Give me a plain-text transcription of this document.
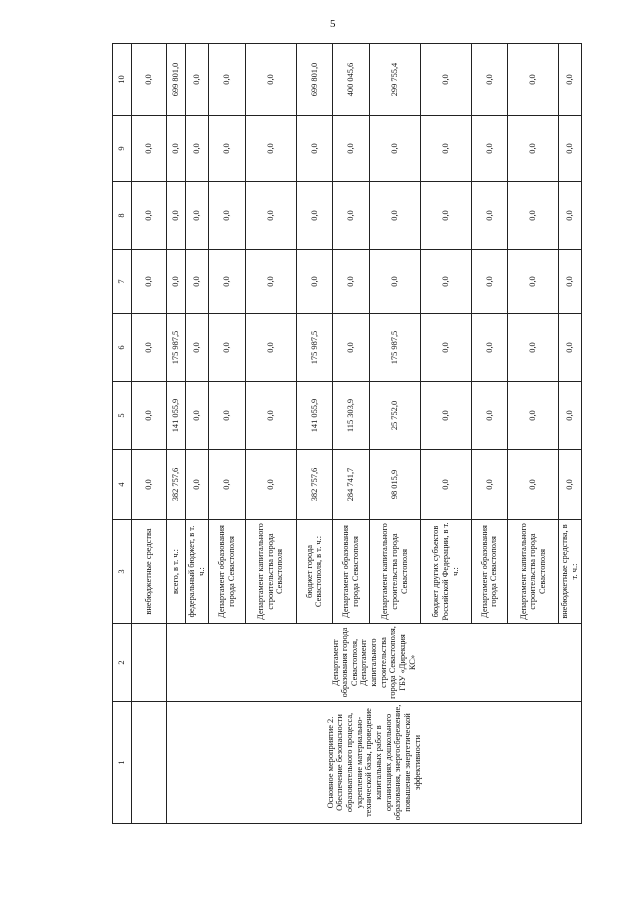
5
1	2	3	4	5	6	7	8	9	10
		внебюджетные средства	0,0	0,0	0,0	0,0	0,0	0,0	0,0
Основное мероприятие 2. Обеспечение безопасности образовательного процесса, укрепление материально-технической базы, проведение капитальных работ в организациях дошкольного образования, энергосбережение, повышение энергетической эффективности	Департамент образования города Севастополя, Департамент капитального строительства города Севастополя, ГБУ «Дирекция КС»	всего, в т. ч.:	382 757,6	141 055,9	175 987,5	0,0	0,0	0,0	699 801,0
		федеральный бюджет, в т. ч.:	0,0	0,0	0,0	0,0	0,0	0,0	0,0
		Департамент образования города Севастополя	0,0	0,0	0,0	0,0	0,0	0,0	0,0
		Департамент капитального строительства города Севастополя	0,0	0,0	0,0	0,0	0,0	0,0	0,0
		бюджет города Севастополя, в т. ч.:	382 757,6	141 055,9	175 987,5	0,0	0,0	0,0	699 801,0
		Департамент образования города Севастополя	284 741,7	115 303,9	0,0	0,0	0,0	0,0	400 045,6
		Департамент капитального строительства города Севастополя	98 015,9	25 752,0	175 987,5	0,0	0,0	0,0	299 755,4
		бюджет других субъектов Российской Федерации, в т. ч.:	0,0	0,0	0,0	0,0	0,0	0,0	0,0
		Департамент образования города Севастополя	0,0	0,0	0,0	0,0	0,0	0,0	0,0
		Департамент капитального строительства города Севастополя	0,0	0,0	0,0	0,0	0,0	0,0	0,0
		внебюджетные средства, в т. ч.:	0,0	0,0	0,0	0,0	0,0	0,0	0,0
